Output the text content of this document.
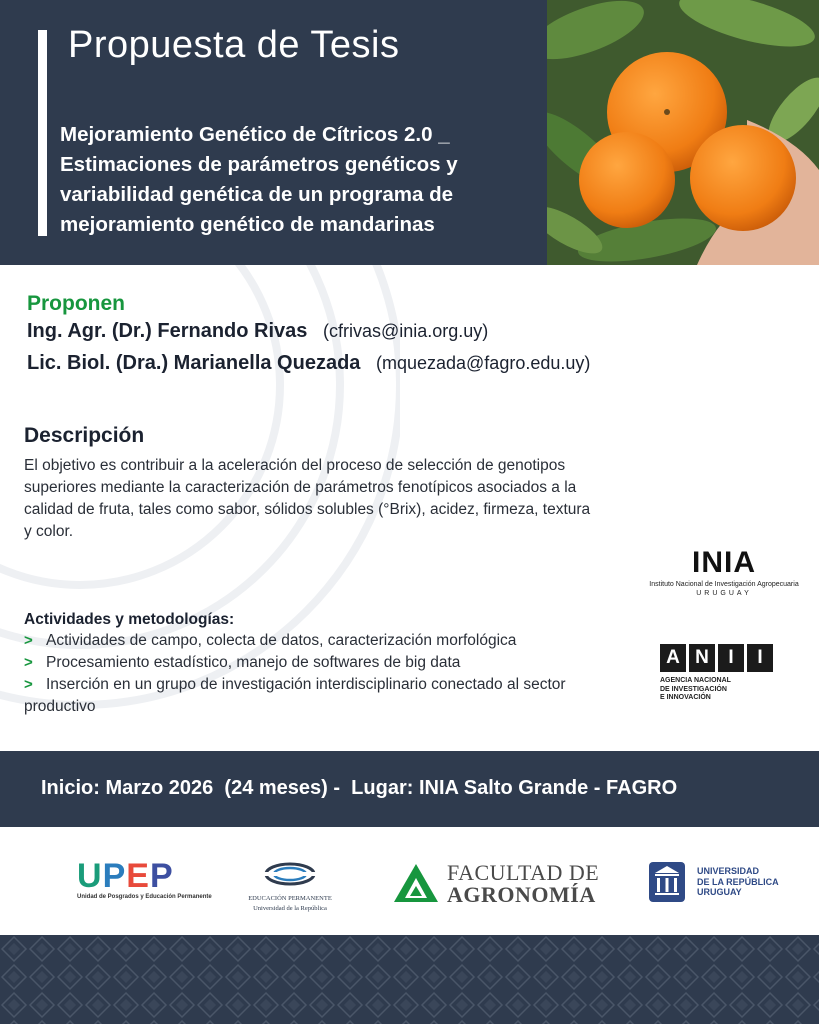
Propuesta de Tesis
Mejoramiento Genético de Cítricos 2.0 _ Estimaciones de parámetros genéticos y variabilidad genética de un programa de mejoramiento genético de mandarinas
Proponen
Ing. Agr. (Dr.) Fernando Rivas (cfrivas@inia.org.uy)
Lic. Biol. (Dra.) Marianella Quezada (mquezada@fagro.edu.uy)
Descripción

El objetivo es contribuir a la aceleración del proceso de selección de genotipos superiores mediante la caracterización de parámetros fenotípicos asociados a la calidad de fruta, tales como sabor, sólidos solubles (°Brix), acidez, firmeza, textura y color.

Actividades y metodologías:
> Actividades de campo, colecta de datos, caracterización morfológica
> Procesamiento estadístico, manejo de softwares de big data
> Inserción en un grupo de investigación interdisciplinario conectado al sector productivo
INIA
Instituto Nacional de Investigación Agropecuaria
URUGUAY
A N	I	I
AGENCIA NACIONAL
DE INVESTIGACIÓN
E INNOVACIÓN
Inicio: Marzo 2026 (24 meses) - Lugar: INIA Salto Grande - FAGRO
UPEP
Unidad de Posgrados y Educación Permanente	EDUCACIÓN PERMANENTE
Universidad de la República
FACULTAD DE
AGRONOMÍA
UNIVERSIDAD
DE LA REPÚBLICA
URUGUAY
